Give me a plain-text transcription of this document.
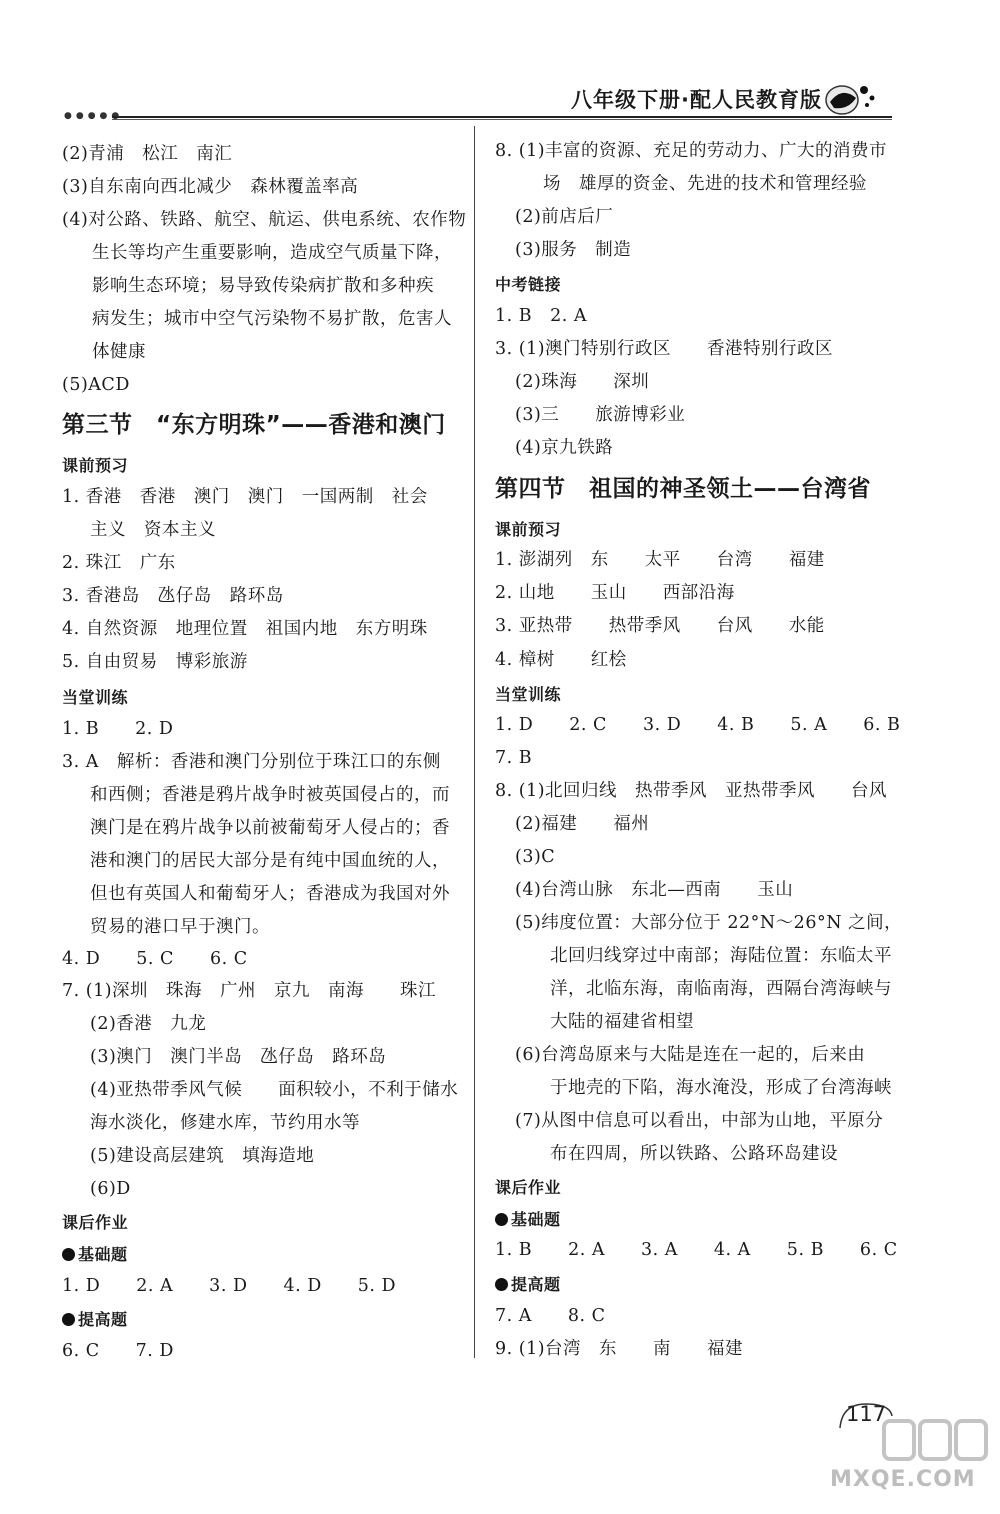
八年级下册·配人民教育版
●●●●●
(2)青浦　松江　南汇
(3)自东南向西北减少　森林覆盖率高
(4)对公路、铁路、航空、航运、供电系统、农作物
生长等均产生重要影响，造成空气质量下降，
影响生态环境；易导致传染病扩散和多种疾
病发生；城市中空气污染物不易扩散，危害人
体健康
(5)ACD
第三节　“东方明珠”——香港和澳门
课前预习
1. 香港　香港　澳门　澳门　一国两制　社会
主义　资本主义
2. 珠江　广东
3. 香港岛　氹仔岛　路环岛
4. 自然资源　地理位置　祖国内地　东方明珠
5. 自由贸易　博彩旅游
当堂训练
1. B　　2. D
3. A　解析：香港和澳门分别位于珠江口的东侧
和西侧；香港是鸦片战争时被英国侵占的，而
澳门是在鸦片战争以前被葡萄牙人侵占的；香
港和澳门的居民大部分是有纯中国血统的人，
但也有英国人和葡萄牙人；香港成为我国对外
贸易的港口早于澳门。
4. D　　5. C　　6. C
7. (1)深圳　珠海　广州　京九　南海　　珠江
(2)香港　九龙
(3)澳门　澳门半岛　氹仔岛　路环岛
(4)亚热带季风气候　　面积较小，不利于储水
海水淡化，修建水库，节约用水等
(5)建设高层建筑　填海造地
(6)D
课后作业
基础题
1. D　　2. A　　3. D　　4. D　　5. D
提高题
6. C　　7. D
8. (1)丰富的资源、充足的劳动力、广大的消费市
场　雄厚的资金、先进的技术和管理经验
(2)前店后厂
(3)服务　制造
中考链接
1. B　2. A
3. (1)澳门特别行政区　　香港特别行政区
(2)珠海　　深圳
(3)三　　旅游博彩业
(4)京九铁路
第四节　祖国的神圣领土——台湾省
课前预习
1. 澎湖列　东　　太平　　台湾　　福建
2. 山地　　玉山　　西部沿海
3. 亚热带　　热带季风　　台风　　水能
4. 樟树　　红桧
当堂训练
1. D　　2. C　　3. D　　4. B　　5. A　　6. B
7. B
8. (1)北回归线　热带季风　亚热带季风　　台风
(2)福建　　福州
(3)C
(4)台湾山脉　东北—西南　　玉山
(5)纬度位置：大部分位于 22°N～26°N 之间，
北回归线穿过中南部；海陆位置：东临太平
洋，北临东海，南临南海，西隔台湾海峡与
大陆的福建省相望
(6)台湾岛原来与大陆是连在一起的，后来由
于地壳的下陷，海水淹没，形成了台湾海峡
(7)从图中信息可以看出，中部为山地，平原分
布在四周，所以铁路、公路环岛建设
课后作业
基础题
1. B　　2. A　　3. A　　4. A　　5. B　　6. C
提高题
7. A　　8. C
9. (1)台湾　东　　南　　福建
117
MXQE.COM
